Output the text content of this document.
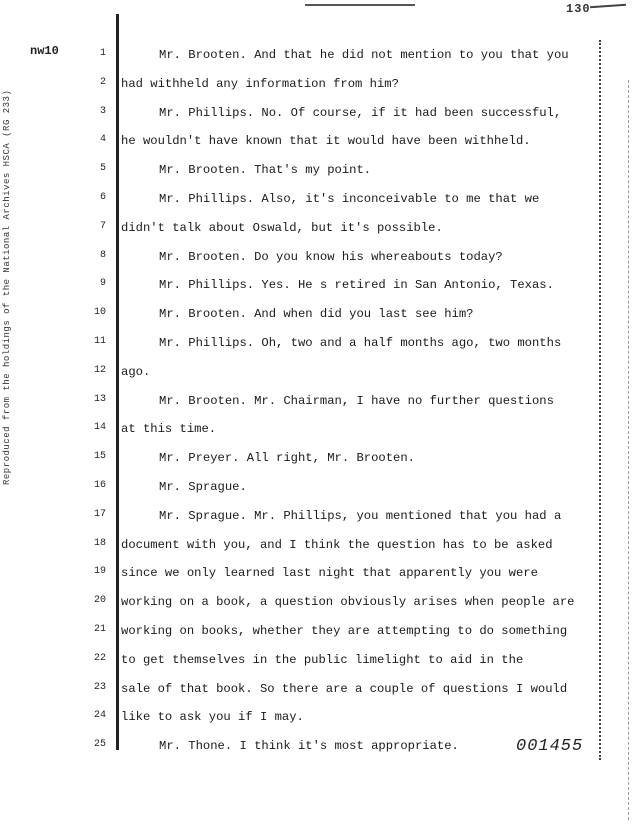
130
nw10
Reproduced from the holdings of the National Archives HSCA (RG 233)
1	Mr. Brooten. And that he did not mention to you that you
2 had withheld any information from him?
3	Mr. Phillips. No. Of course, if it had been successful,
4 he wouldn't have known that it would have been withheld.
5	Mr. Brooten. That's my point.
6	Mr. Phillips. Also, it's inconceivable to me that we
7 didn't talk about Oswald, but it's possible.
8	Mr. Brooten. Do you know his whereabouts today?
9	Mr. Phillips. Yes. He s retired in San Antonio, Texas.
10	Mr. Brooten. And when did you last see him?
11	Mr. Phillips. Oh, two and a half months ago, two months
12 ago.
13	Mr. Brooten. Mr. Chairman, I have no further questions
14 at this time.
15	Mr. Preyer. All right, Mr. Brooten.
16	Mr. Sprague.
17	Mr. Sprague. Mr. Phillips, you mentioned that you had a
18 document with you, and I think the question has to be asked
19 since we only learned last night that apparently you were
20 working on a book, a question obviously arises when people are
21 working on books, whether they are attempting to do something
22 to get themselves in the public limelight to aid in the
23 sale of that book. So there are a couple of questions I would
24 like to ask you if I may.
25	Mr. Thone. I think it's most appropriate.	001455
